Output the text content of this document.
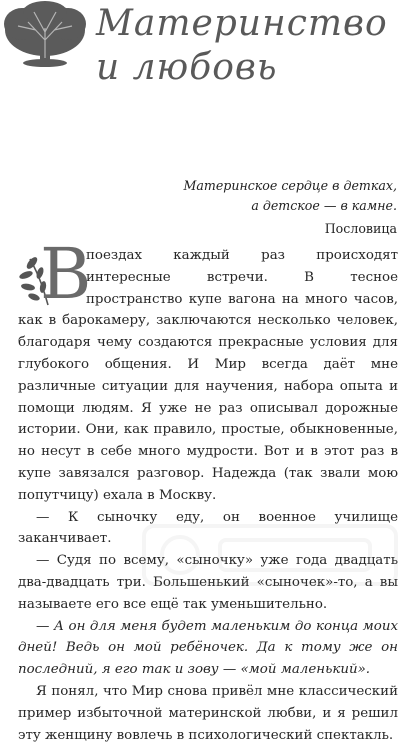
Материнство
и любовь
Материнское сердце в детках,
а детское — в камне.
Пословица

В
поездах каждый раз происходят интересные встречи. В тесное пространство купе вагона на много часов, как в барокамеру, заключаются несколько человек, благодаря чему создаются прекрасные условия для глубокого общения. И Мир всегда даёт мне различные ситуации для научения, набора опыта и помощи людям. Я уже не раз описывал дорожные истории. Они, как правило, простые, обыкновенные, но несут в себе много мудрости. Вот и в этот раз в купе завязался разговор. Надежда (так звали мою попутчицу) ехала в Москву.

— К сыночку еду, он военное училище заканчивает.

— Судя по всему, «сыночку» уже года двадцать два-двадцать три. Большенький «сыночек»-то, а вы называете его все ещё так уменьшительно.

— А он для меня будет маленьким до конца моих дней! Ведь он мой ребёночек. Да к тому же он последний, я его так и зову — «мой маленький».

Я понял, что Мир снова привёл мне классический пример избыточной материнской любви, и я решил эту женщину вовлечь в психологический спектакль.
